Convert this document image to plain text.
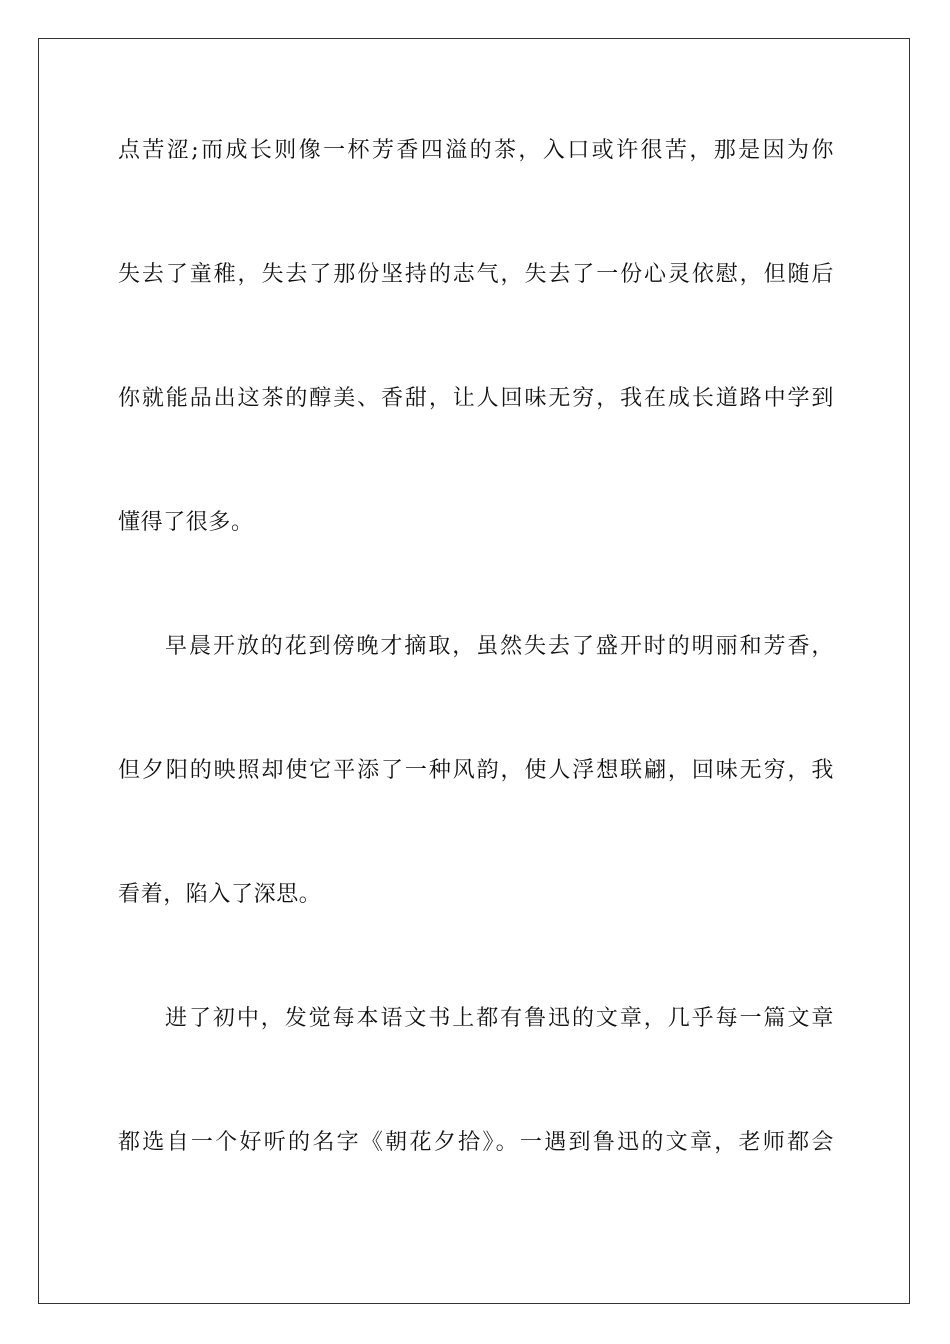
点苦涩;而成长则像一杯芳香四溢的茶，入口或许很苦，那是因为你
失去了童稚，失去了那份坚持的志气，失去了一份心灵依慰，但随后
你就能品出这茶的醇美、香甜，让人回味无穷，我在成长道路中学到
懂得了很多。
早晨开放的花到傍晚才摘取，虽然失去了盛开时的明丽和芳香，
但夕阳的映照却使它平添了一种风韵，使人浮想联翩，回味无穷，我
看着，陷入了深思。
进了初中，发觉每本语文书上都有鲁迅的文章，几乎每一篇文章
都选自一个好听的名字《朝花夕拾》。一遇到鲁迅的文章，老师都会
